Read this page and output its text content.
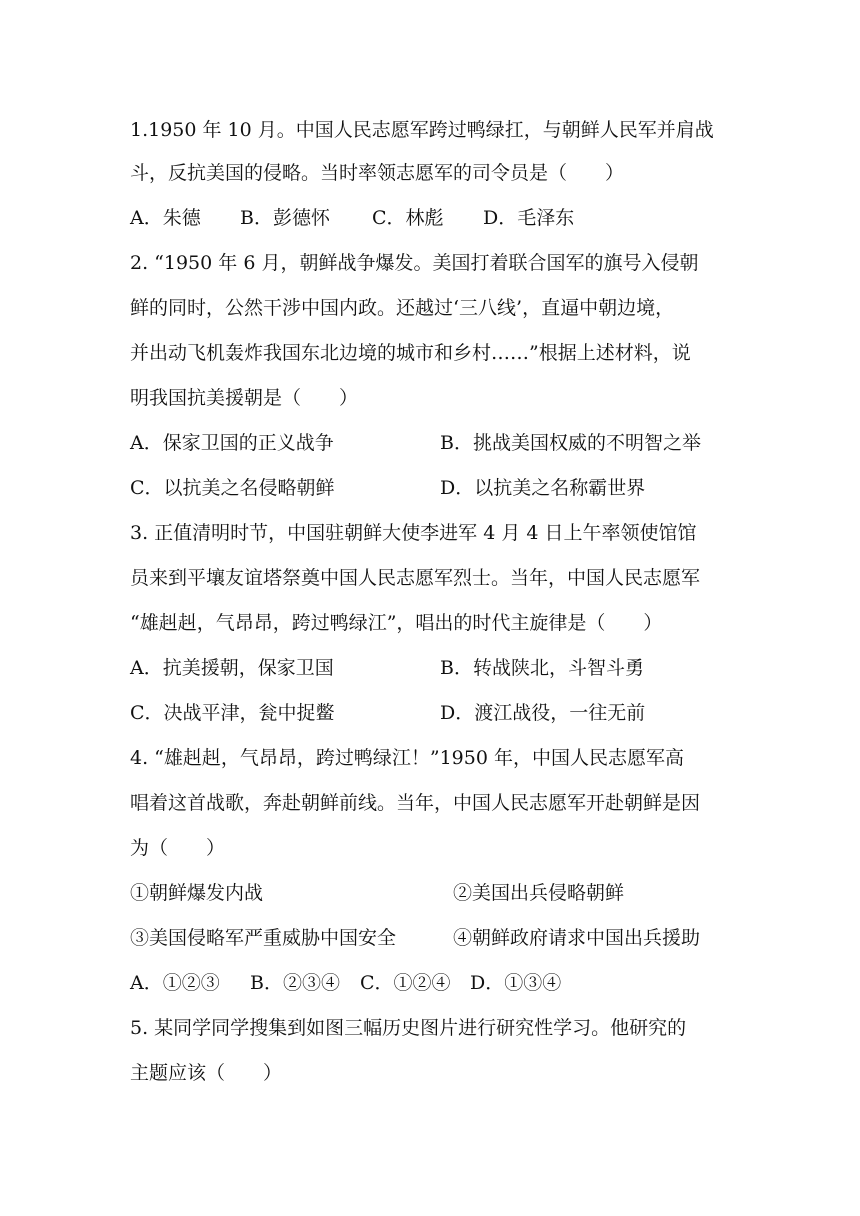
1.1950 年 10 月。中国人民志愿军跨过鸭绿扛，与朝鲜人民军并肩战
斗，反抗美国的侵略。当时率领志愿军的司令员是（　　）

A．朱德

B．彭德怀

C．林彪

D．毛泽东

2. “1950 年 6 月，朝鲜战争爆发。美国打着联合国军的旗号入侵朝
鲜的同时，公然干涉中国内政。还越过‘三八线’，直逼中朝边境，
并出动飞机轰炸我国东北边境的城市和乡村……”根据上述材料，说
明我国抗美援朝是（　　）

A．保家卫国的正义战争

	B．挑战美国权威的不明智之举

C．以抗美之名侵略朝鲜

	D．以抗美之名称霸世界

3. 正值清明时节，中国驻朝鲜大使李进军 4 月 4 日上午率领使馆馆
员来到平壤友谊塔祭奠中国人民志愿军烈士。当年，中国人民志愿军
“雄赳赳，气昂昂，跨过鸭绿江”，唱出的时代主旋律是（　　）

A．抗美援朝，保家卫国

	B．转战陕北，斗智斗勇

C．决战平津，瓮中捉鳖

	D．渡江战役，一往无前

4. “雄赳赳，气昂昂，跨过鸭绿江！”1950 年，中国人民志愿军高
唱着这首战歌，奔赴朝鲜前线。当年，中国人民志愿军开赴朝鲜是因
为（　　）

①朝鲜爆发内战

	②美国出兵侵略朝鲜

③美国侵略军严重威胁中国安全

	④朝鲜政府请求中国出兵援助

A．①②③

B．②③④

C．①②④

D．①③④

5. 某同学同学搜集到如图三幅历史图片进行研究性学习。他研究的
主题应该（　　）
